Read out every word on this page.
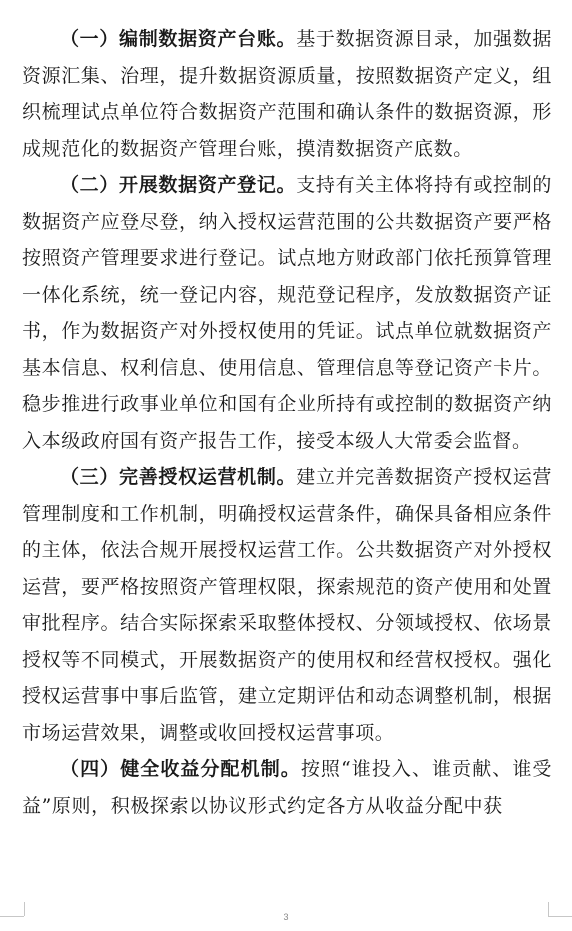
（一）编制数据资产台账。基于数据资源目录，加强数据资源汇集、治理，提升数据资源质量，按照数据资产定义，组织梳理试点单位符合数据资产范围和确认条件的数据资源，形成规范化的数据资产管理台账，摸清数据资产底数。

（二）开展数据资产登记。支持有关主体将持有或控制的数据资产应登尽登，纳入授权运营范围的公共数据资产要严格按照资产管理要求进行登记。试点地方财政部门依托预算管理一体化系统，统一登记内容，规范登记程序，发放数据资产证书，作为数据资产对外授权使用的凭证。试点单位就数据资产基本信息、权利信息、使用信息、管理信息等登记资产卡片。稳步推进行政事业单位和国有企业所持有或控制的数据资产纳入本级政府国有资产报告工作，接受本级人大常委会监督。

（三）完善授权运营机制。建立并完善数据资产授权运营管理制度和工作机制，明确授权运营条件，确保具备相应条件的主体，依法合规开展授权运营工作。公共数据资产对外授权运营，要严格按照资产管理权限，探索规范的资产使用和处置审批程序。结合实际探索采取整体授权、分领域授权、依场景授权等不同模式，开展数据资产的使用权和经营权授权。强化授权运营事中事后监管，建立定期评估和动态调整机制，根据市场运营效果，调整或收回授权运营事项。

（四）健全收益分配机制。按照“谁投入、谁贡献、谁受益”原则，积极探索以协议形式约定各方从收益分配中获

3
